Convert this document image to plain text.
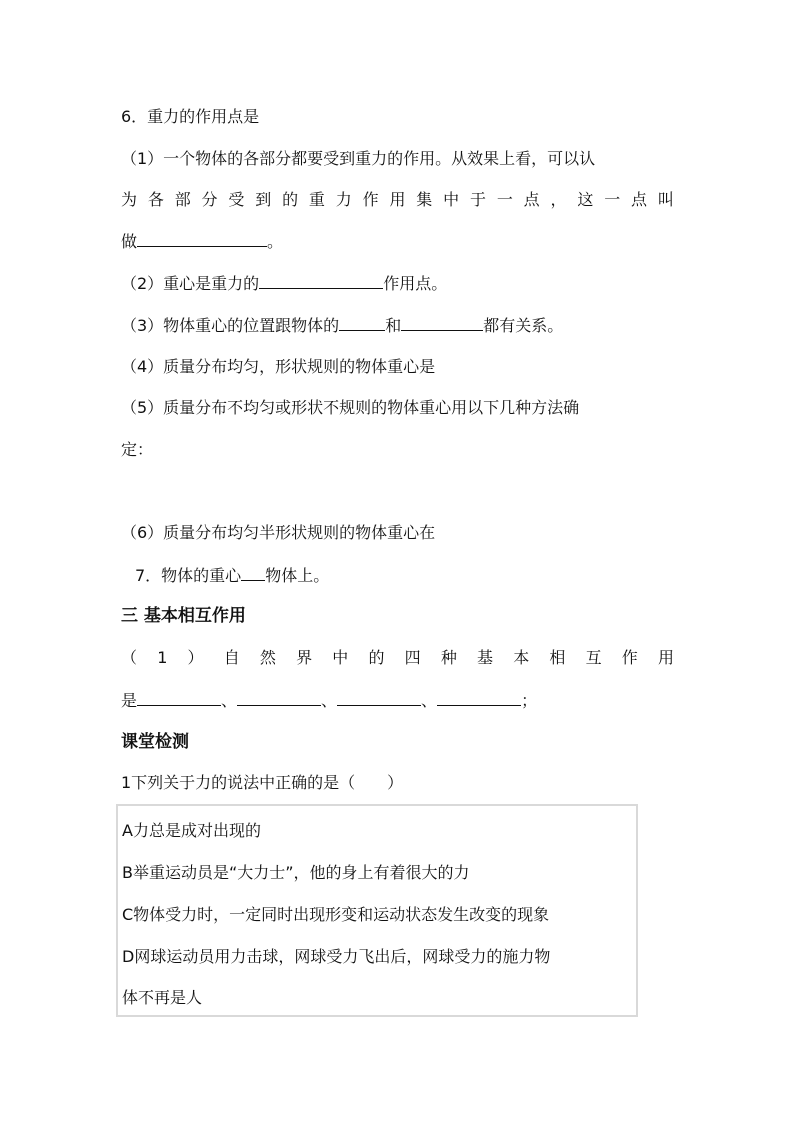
6．重力的作用点是
（1）一个物体的各部分都要受到重力的作用。从效果上看，可以认
为 各 部 分 受 到 的 重 力 作 用 集 中 于 一 点 ， 这 一 点 叫
做	。
（2）重心是重力的	作用点。
（3）物体重心的位置跟物体的	和	都有关系。
（4）质量分布均匀，形状规则的物体重心是
（5）质量分布不均匀或形状不规则的物体重心用以下几种方法确
定：
（6）质量分布均匀半形状规则的物体重心在
7．物体的重心 物体上。
三 基本相互作用
（ 1 ） 自 然 界 中 的 四 种 基 本 相 互 作 用
是	、	、	、	；
课堂检测
1下列关于力的说法中正确的是（　　）
A力总是成对出现的
B举重运动员是“大力士”，他的身上有着很大的力
C物体受力时，一定同时出现形变和运动状态发生改变的现象
D网球运动员用力击球，网球受力飞出后，网球受力的施力物
体不再是人
